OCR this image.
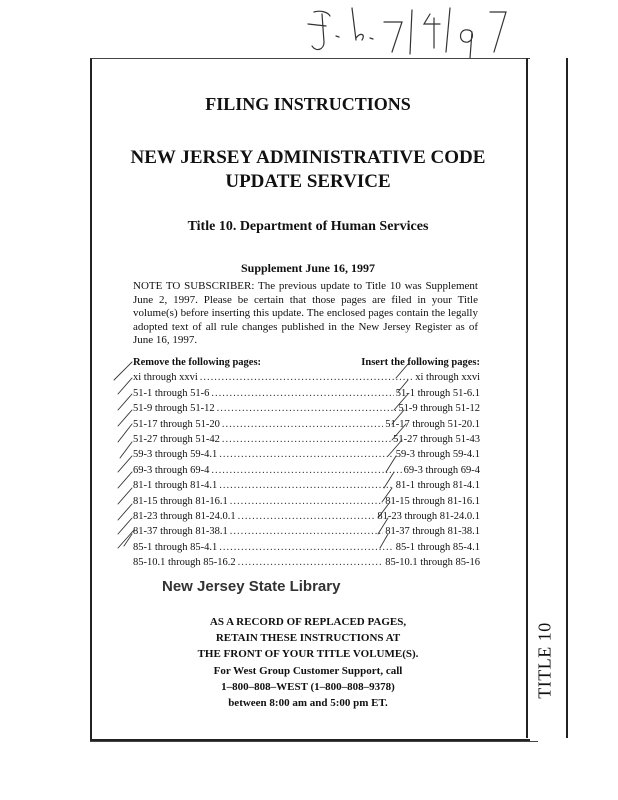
TITLE 10
FILING INSTRUCTIONS
NEW JERSEY ADMINISTRATIVE CODE
UPDATE SERVICE
Title 10. Department of Human Services
Supplement June 16, 1997
NOTE TO SUBSCRIBER: The previous update to Title 10 was Supplement June 2, 1997. Please be certain that those pages are filed in your Title volume(s) before inserting this update. The enclosed pages contain the legally adopted text of all rule changes published in the New Jersey Register as of June 16, 1997.
Remove the following pages:	Insert the following pages:
xi through xxvi .....	xi through xxvi
51-1 through 51-6 .....	51-1 through 51-6.1
51-9 through 51-12 .....	51-9 through 51-12
51-17 through 51-20 .....	51-17 through 51-20.1
51-27 through 51-42 .....	51-27 through 51-43
59-3 through 59-4.1 .....	59-3 through 59-4.1
69-3 through 69-4 .....	69-3 through 69-4
81-1 through 81-4.1 .....	81-1 through 81-4.1
81-15 through 81-16.1 .....	81-15 through 81-16.1
81-23 through 81-24.0.1 .....	81-23 through 81-24.0.1
81-37 through 81-38.1 .....	81-37 through 81-38.1
85-1 through 85-4.1 .....	85-1 through 85-4.1
85-10.1 through 85-16.2 .....	85-10.1 through 85-16
New Jersey State Library
AS A RECORD OF REPLACED PAGES,
RETAIN THESE INSTRUCTIONS AT
THE FRONT OF YOUR TITLE VOLUME(S).
For West Group Customer Support, call
1–800–808–WEST (1–800–808–9378)
between 8:00 am and 5:00 pm ET.
